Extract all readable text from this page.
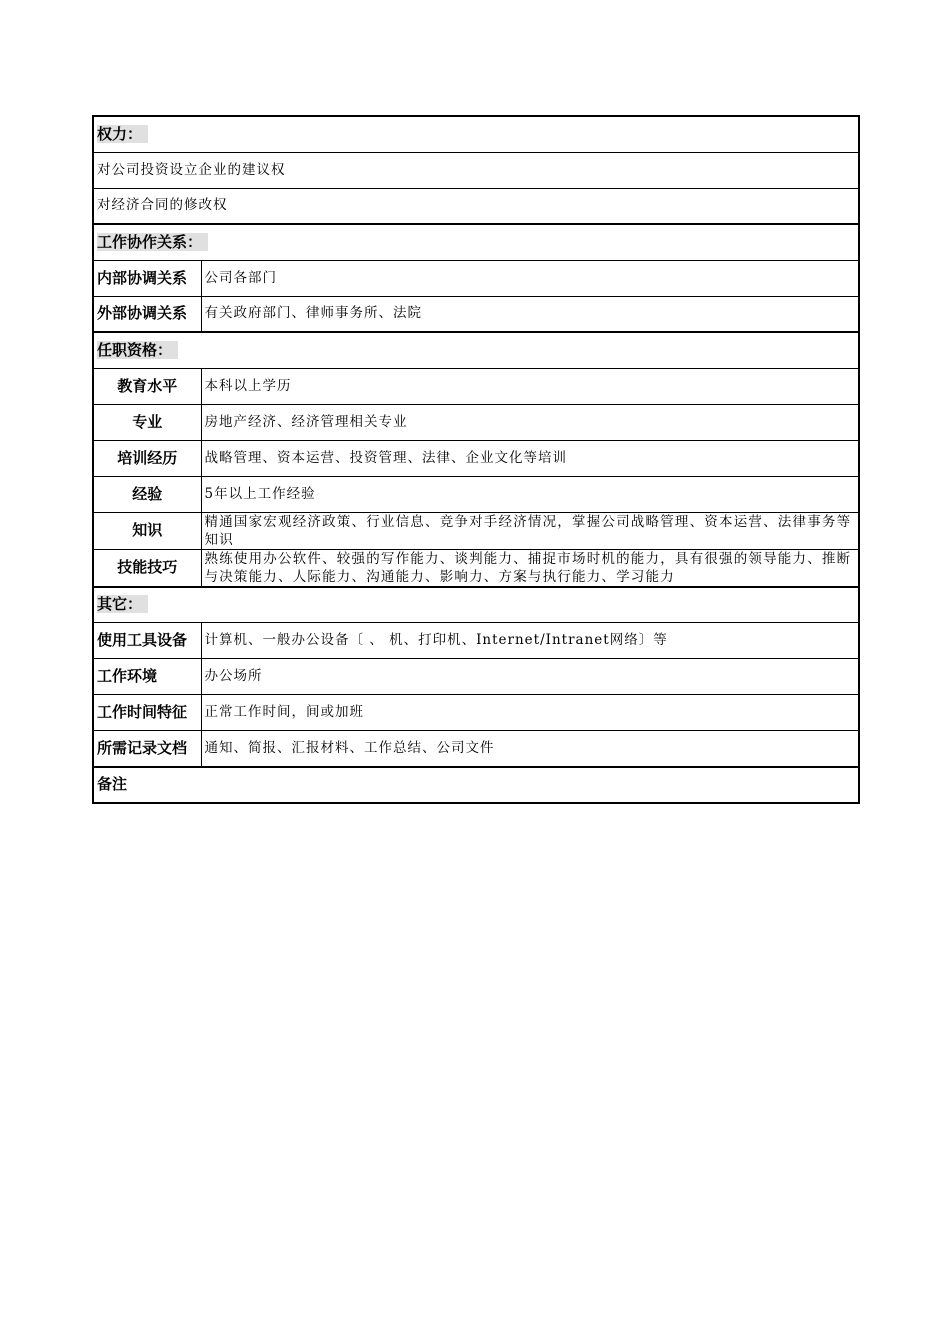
权力：	
对公司投资设立企业的建议权	
对经济合同的修改权	
工作协作关系：	
内部协调关系	公司各部门
外部协调关系	有关政府部门、律师事务所、法院
任职资格：	
教育水平	本科以上学历
专业	房地产经济、经济管理相关专业
培训经历	战略管理、资本运营、投资管理、法律、企业文化等培训
经验	5年以上工作经验
知识	精通国家宏观经济政策、行业信息、竞争对手经济情况，掌握公司战略管理、资本运营、法律事务等知识
技能技巧	熟练使用办公软件、较强的写作能力、谈判能力、捕捉市场时机的能力，具有很强的领导能力、推断与决策能力、人际能力、沟通能力、影响力、方案与执行能力、学习能力
其它：	
使用工具设备	计算机、一般办公设备〔 、 机、打印机、Internet/Intranet网络〕等
工作环境	办公场所
工作时间特征	正常工作时间，间或加班
所需记录文档	通知、简报、汇报材料、工作总结、公司文件
备注	
